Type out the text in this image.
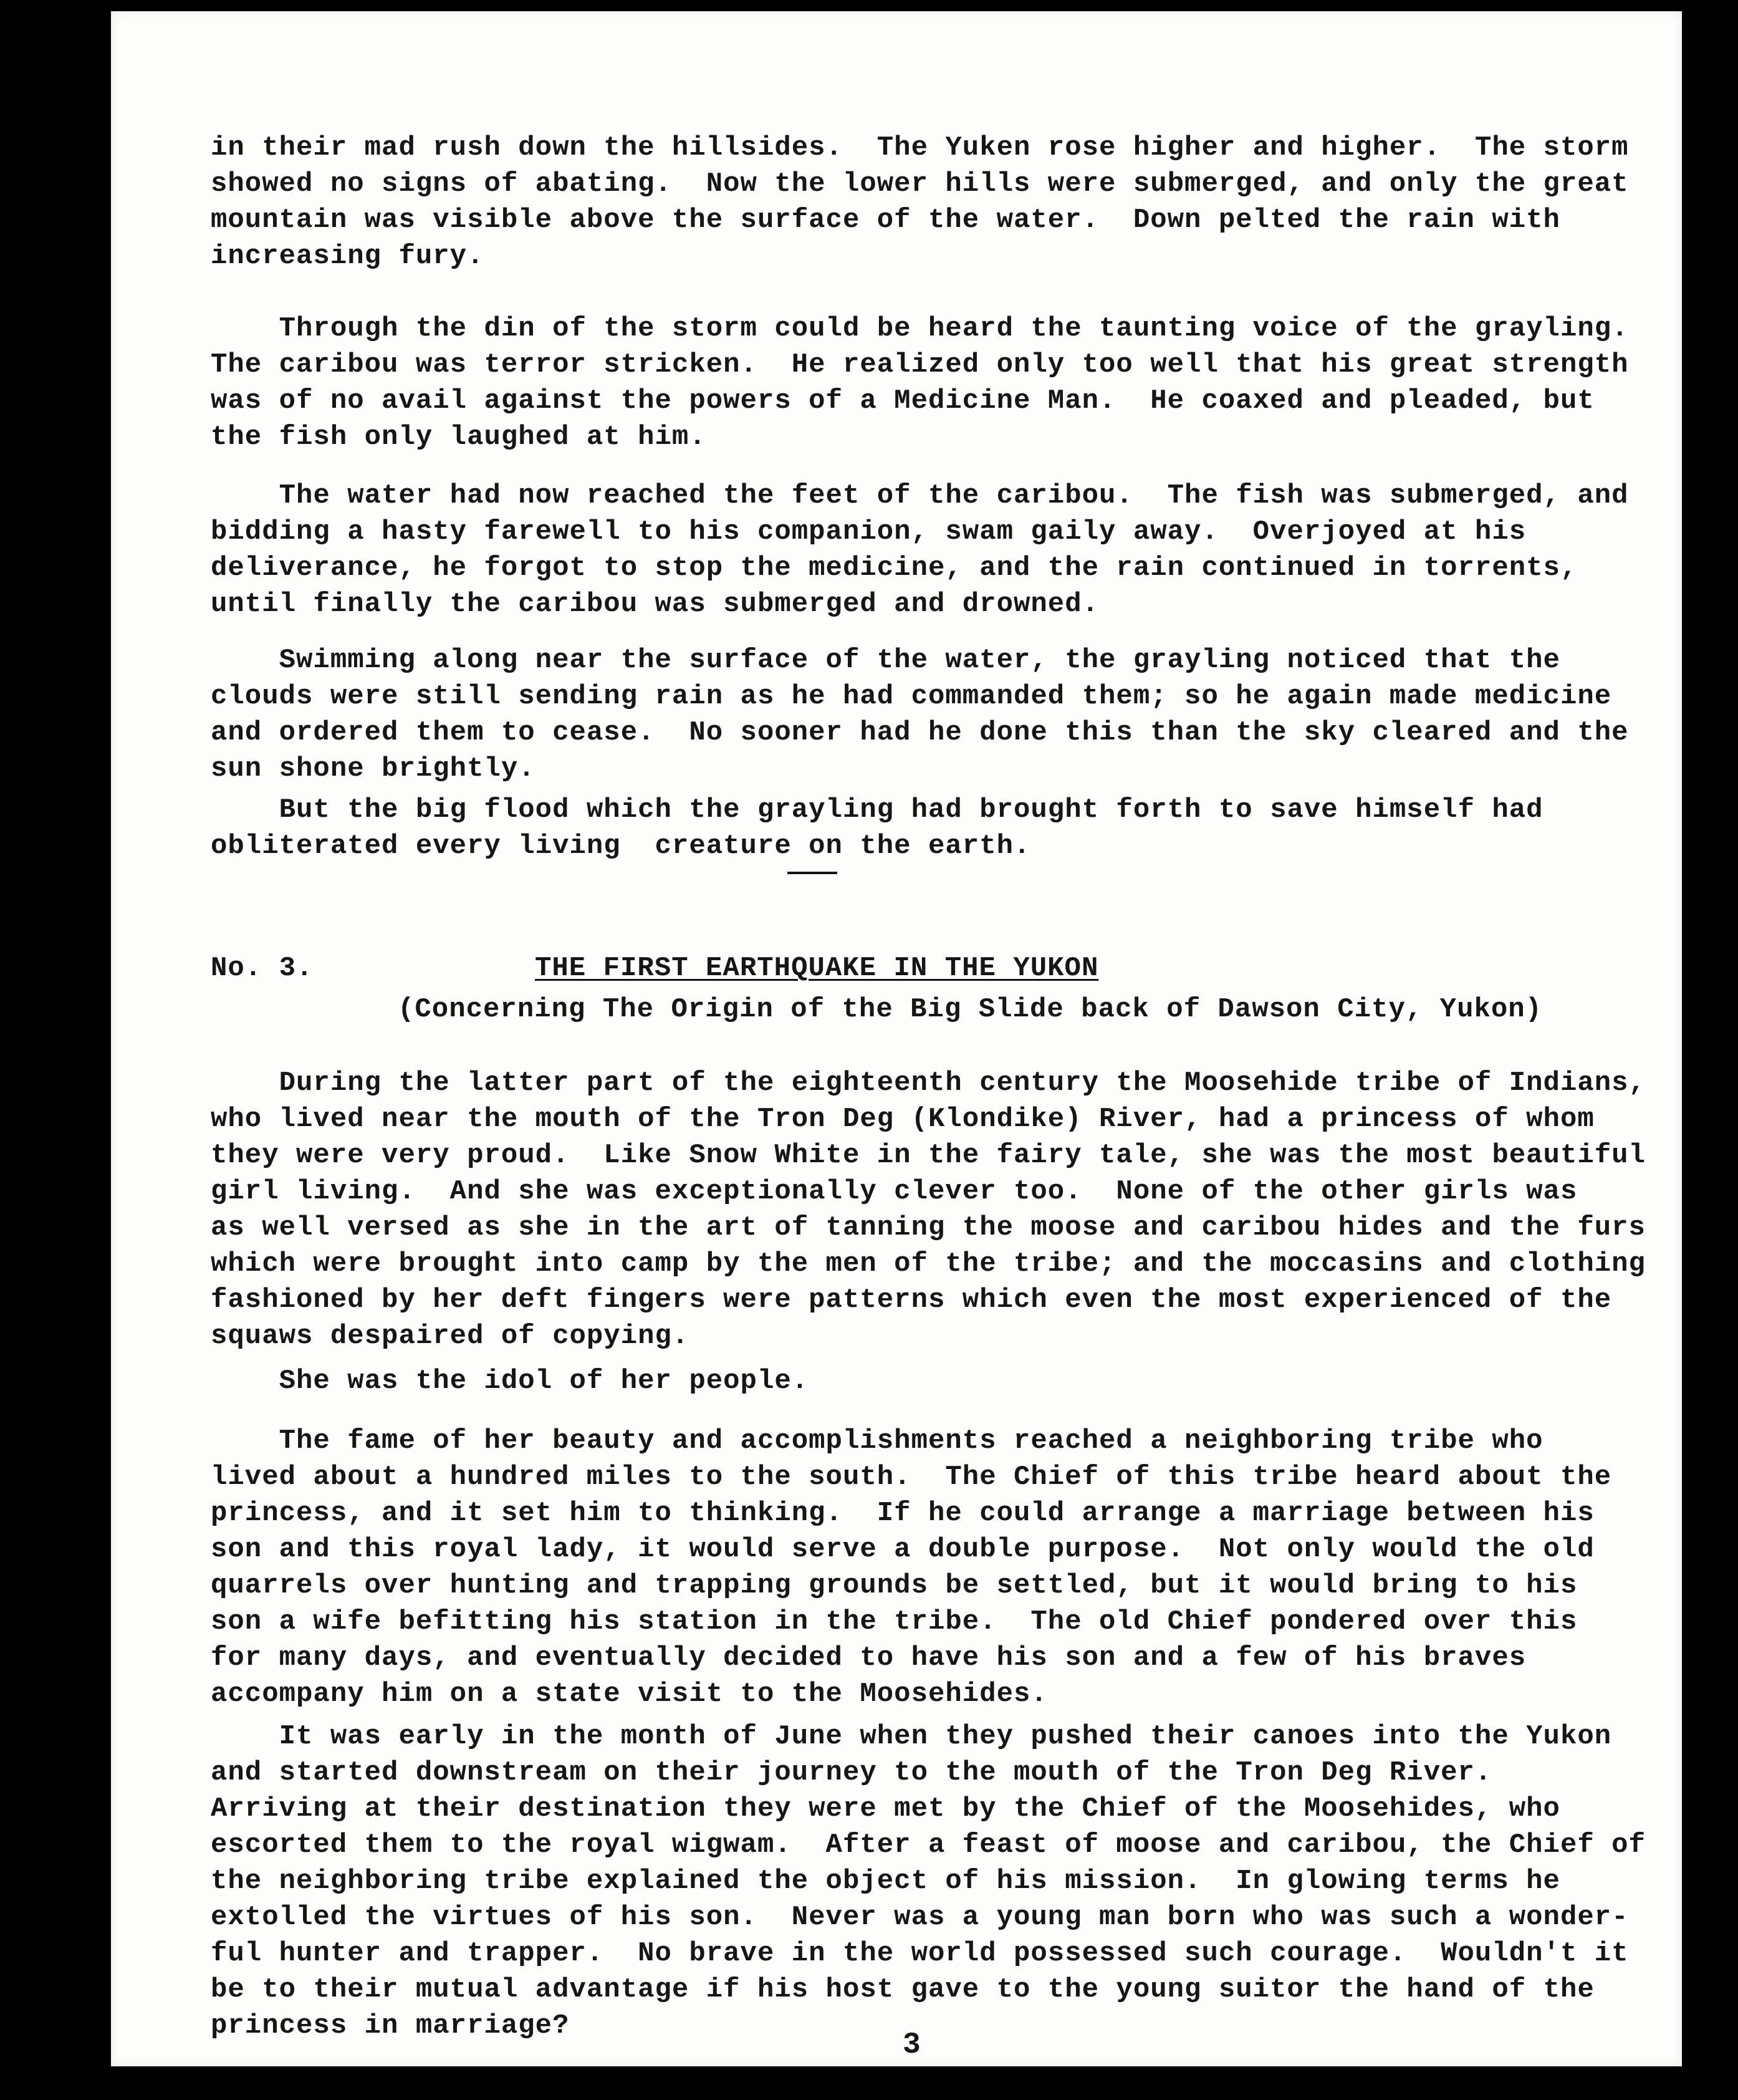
in their mad rush down the hillsides.  The Yuken rose higher and higher.  The storm
showed no signs of abating.  Now the lower hills were submerged, and only the great
mountain was visible above the surface of the water.  Down pelted the rain with
increasing fury.

Through the din of the storm could be heard the taunting voice of the grayling.
The caribou was terror stricken.  He realized only too well that his great strength
was of no avail against the powers of a Medicine Man.  He coaxed and pleaded, but
the fish only laughed at him.

The water had now reached the feet of the caribou.  The fish was submerged, and
bidding a hasty farewell to his companion, swam gaily away.  Overjoyed at his
deliverance, he forgot to stop the medicine, and the rain continued in torrents,
until finally the caribou was submerged and drowned.

Swimming along near the surface of the water, the grayling noticed that the
clouds were still sending rain as he had commanded them; so he again made medicine
and ordered them to cease.  No sooner had he done this than the sky cleared and the
sun shone brightly.

But the big flood which the grayling had brought forth to save himself had
obliterated every living  creature on the earth.

No. 3.

	THE FIRST EARTHQUAKE IN THE YUKON

(Concerning The Origin of the Big Slide back of Dawson City, Yukon)

During the latter part of the eighteenth century the Moosehide tribe of Indians,
who lived near the mouth of the Tron Deg (Klondike) River, had a princess of whom
they were very proud.  Like Snow White in the fairy tale, she was the most beautiful
girl living.  And she was exceptionally clever too.  None of the other girls was
as well versed as she in the art of tanning the moose and caribou hides and the furs
which were brought into camp by the men of the tribe; and the moccasins and clothing
fashioned by her deft fingers were patterns which even the most experienced of the
squaws despaired of copying.

She was the idol of her people.

The fame of her beauty and accomplishments reached a neighboring tribe who
lived about a hundred miles to the south.  The Chief of this tribe heard about the
princess, and it set him to thinking.  If he could arrange a marriage between his
son and this royal lady, it would serve a double purpose.  Not only would the old
quarrels over hunting and trapping grounds be settled, but it would bring to his
son a wife befitting his station in the tribe.  The old Chief pondered over this
for many days, and eventually decided to have his son and a few of his braves
accompany him on a state visit to the Moosehides.

It was early in the month of June when they pushed their canoes into the Yukon
and started downstream on their journey to the mouth of the Tron Deg River.
Arriving at their destination they were met by the Chief of the Moosehides, who
escorted them to the royal wigwam.  After a feast of moose and caribou, the Chief of
the neighboring tribe explained the object of his mission.  In glowing terms he
extolled the virtues of his son.  Never was a young man born who was such a wonder-
ful hunter and trapper.  No brave in the world possessed such courage.  Wouldn't it
be to their mutual advantage if his host gave to the young suitor the hand of the
princess in marriage?

3
